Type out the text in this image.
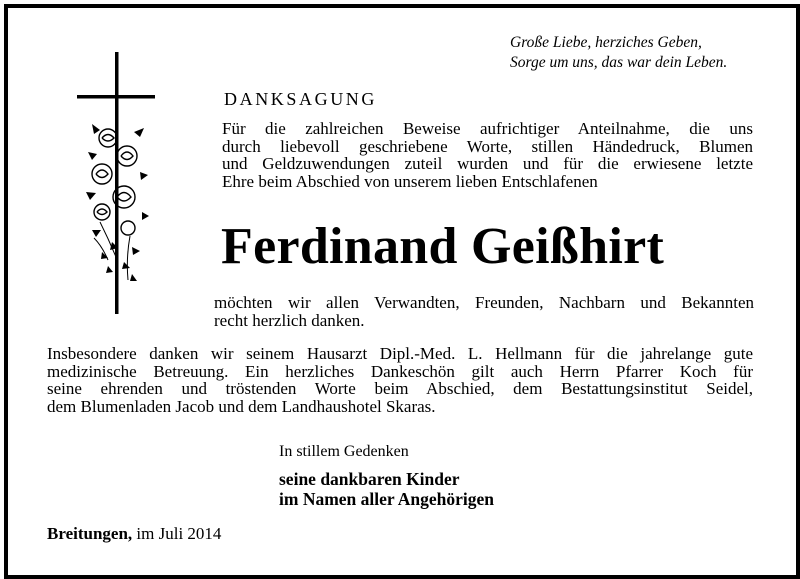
Große Liebe, herziches Geben,
Sorge um uns, das war dein Leben.
DANKSAGUNG
Für die zahlreichen Beweise aufrichtiger Anteilnahme, die uns
durch liebevoll geschriebene Worte, stillen Händedruck, Blumen
und Geldzuwendungen zuteil wurden und für die erwiesene letzte
Ehre beim Abschied von unserem lieben Entschlafenen
Ferdinand Geißhirt
möchten wir allen Verwandten, Freunden, Nachbarn und Bekannten
recht herzlich danken.
Insbesondere danken wir seinem Hausarzt Dipl.-Med. L. Hellmann für die jahrelange gute
medizinische Betreuung. Ein herzliches Dankeschön gilt auch Herrn Pfarrer Koch für
seine ehrenden und tröstenden Worte beim Abschied, dem Bestattungsinstitut Seidel,
dem Blumenladen Jacob und dem Landhaushotel Skaras.
In stillem Gedenken
seine dankbaren Kinder
im Namen aller Angehörigen
Breitungen, im Juli 2014
